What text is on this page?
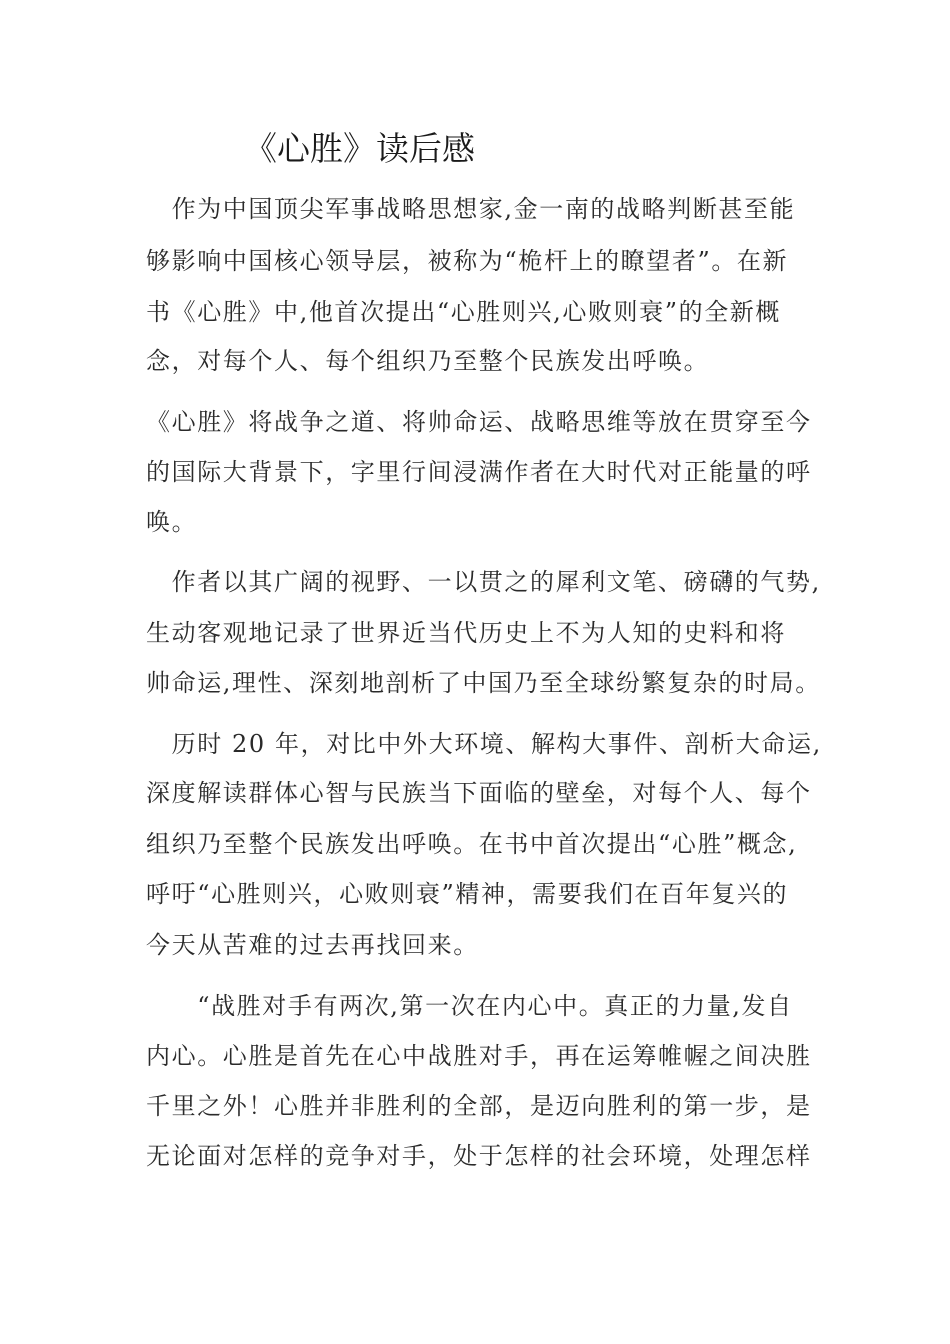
《心胜》读后感

　作为中国顶尖军事战略思想家,金一南的战略判断甚至能

够影响中国核心领导层，被称为“桅杆上的瞭望者”。在新

书《心胜》中,他首次提出“心胜则兴,心败则衰”的全新概

念，对每个人、每个组织乃至整个民族发出呼唤。

《心胜》将战争之道、将帅命运、战略思维等放在贯穿至今

的国际大背景下，字里行间浸满作者在大时代对正能量的呼

唤。

　作者以其广阔的视野、一以贯之的犀利文笔、磅礴的气势,

生动客观地记录了世界近当代历史上不为人知的史料和将

帅命运,理性、深刻地剖析了中国乃至全球纷繁复杂的时局。

　历时 20 年，对比中外大环境、解构大事件、剖析大命运,

深度解读群体心智与民族当下面临的壁垒，对每个人、每个

组织乃至整个民族发出呼唤。在书中首次提出“心胜”概念,

呼吁“心胜则兴，心败则衰”精神，需要我们在百年复兴的

今天从苦难的过去再找回来。

　　“战胜对手有两次,第一次在内心中。真正的力量,发自

内心。心胜是首先在心中战胜对手，再在运筹帷幄之间决胜

千里之外！心胜并非胜利的全部，是迈向胜利的第一步，是

无论面对怎样的竞争对手，处于怎样的社会环境，处理怎样
